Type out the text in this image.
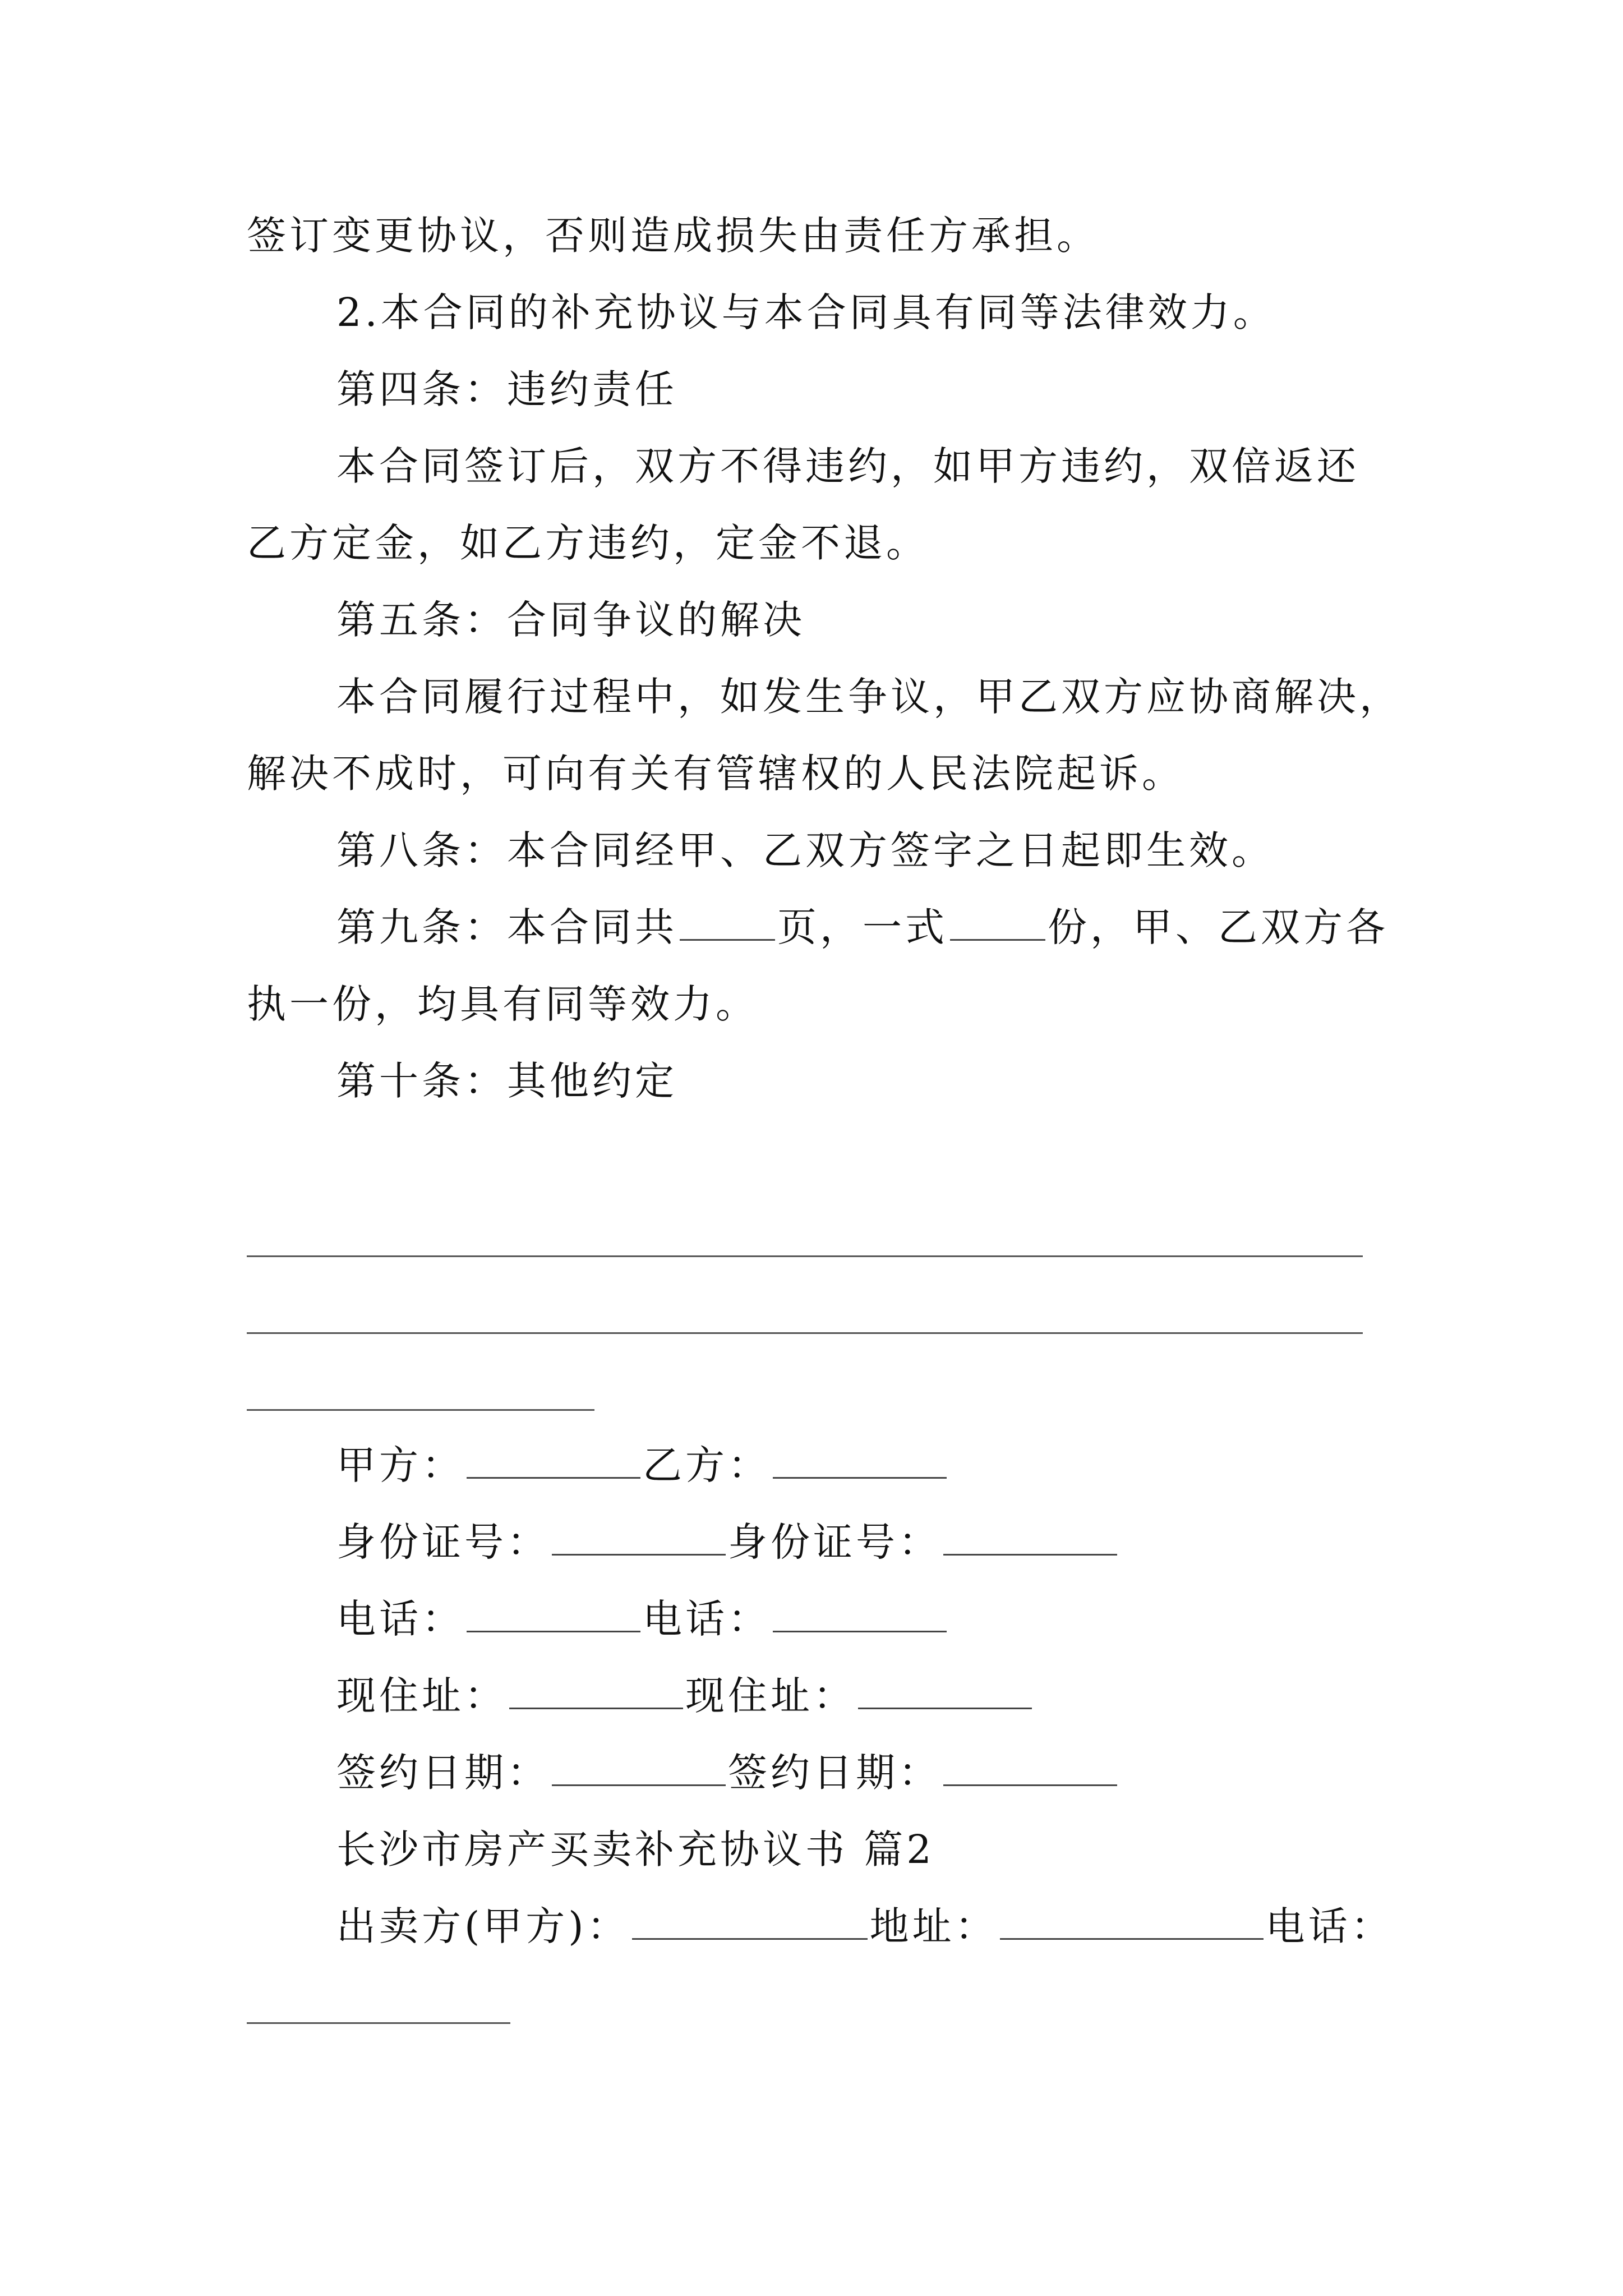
签订变更协议，否则造成损失由责任方承担。
2.本合同的补充协议与本合同具有同等法律效力。
第四条：违约责任
本合同签订后，双方不得违约，如甲方违约，双倍返还
乙方定金，如乙方违约，定金不退。
第五条：合同争议的解决
本合同履行过程中，如发生争议，甲乙双方应协商解决，
解决不成时，可向有关有管辖权的人民法院起诉。
第八条：本合同经甲、乙双方签字之日起即生效。
第九条：本合同共	页，一式	份，甲、乙双方各
执一份，均具有同等效力。
第十条：其他约定
甲方：	乙方：
身份证号：	身份证号：
电话：	电话：
现住址：	现住址：
签约日期：	签约日期：
长沙市房产买卖补充协议书 篇2
出卖方(甲方)：	地址：	电话：
